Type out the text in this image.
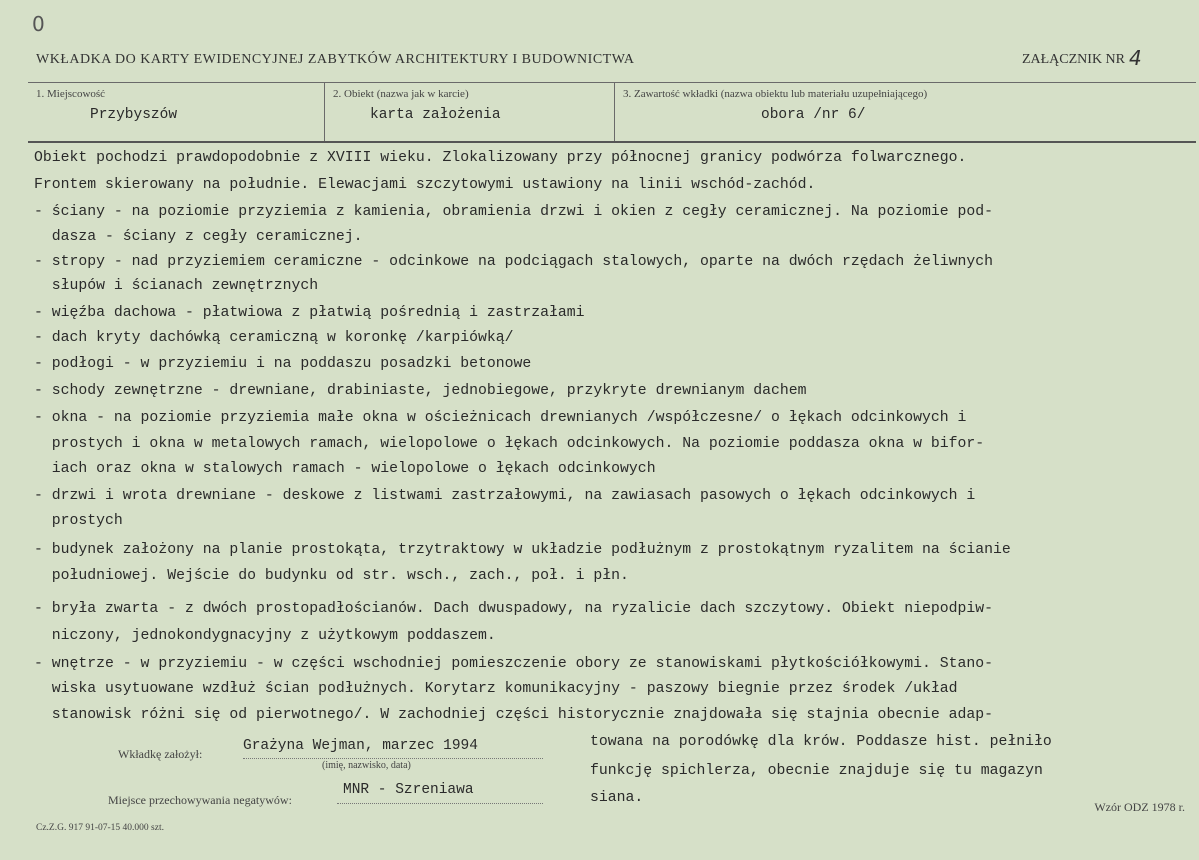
0
WKŁADKA DO KARTY EWIDENCYJNEJ ZABYTKÓW ARCHITEKTURY I BUDOWNICTWA	ZAŁĄCZNIK NR 4
1. Miejscowość
Przybyszów
2. Obiekt (nazwa jak w karcie)
karta założenia
3. Zawartość wkładki (nazwa obiektu lub materiału uzupełniającego)
obora /nr 6/
Obiekt pochodzi prawdopodobnie z XVIII wieku. Zlokalizowany przy północnej granicy podwórza folwarcznego.
Frontem skierowany na południe. Elewacjami szczytowymi ustawiony na linii wschód-zachód.
- ściany - na poziomie przyziemia z kamienia, obramienia drzwi i okien z cegły ceramicznej. Na poziomie pod-
dasza - ściany z cegły ceramicznej.
- stropy - nad przyziemiem ceramiczne - odcinkowe na podciągach stalowych, oparte na dwóch rzędach żeliwnych
słupów i ścianach zewnętrznych
- więźba dachowa - płatwiowa z płatwią pośrednią i zastrzałami
- dach kryty dachówką ceramiczną w koronkę /karpiówką/
- podłogi - w przyziemiu i na poddaszu posadzki betonowe
- schody zewnętrzne - drewniane, drabiniaste, jednobiegowe, przykryte drewnianym dachem
- okna - na poziomie przyziemia małe okna w ościeżnicach drewnianych /współczesne/ o łękach odcinkowych i
prostych i okna w metalowych ramach, wielopolowe o łękach odcinkowych. Na poziomie poddasza okna w bifor-
iach oraz okna w stalowych ramach - wielopolowe o łękach odcinkowych
- drzwi i wrota drewniane - deskowe z listwami zastrzałowymi, na zawiasach pasowych o łękach odcinkowych i
prostych
- budynek założony na planie prostokąta, trzytraktowy w układzie podłużnym z prostokątnym ryzalitem na ścianie
południowej. Wejście do budynku od str. wsch., zach., poł. i płn.
- bryła zwarta - z dwóch prostopadłościanów. Dach dwuspadowy, na ryzalicie dach szczytowy. Obiekt niepodpiw-
niczony, jednokondygnacyjny z użytkowym poddaszem.
- wnętrze - w przyziemiu - w części wschodniej pomieszczenie obory ze stanowiskami płytkościółkowymi. Stano-
wiska usytuowane wzdłuż ścian podłużnych. Korytarz komunikacyjny - paszowy biegnie przez środek /układ
stanowisk różni się od pierwotnego/. W zachodniej części historycznie znajdowała się stajnia obecnie adap-
towana na porodówkę dla krów. Poddasze hist. pełniło
funkcję spichlerza, obecnie znajduje się tu magazyn
siana.
Wkładkę założył:	Grażyna Wejman, marzec 1994
(imię, nazwisko, data)
Miejsce przechowywania negatywów:
MNR - Szreniawa
Cz.Z.G. 917 91-07-15 40.000 szt.
Wzór ODZ 1978 r.
